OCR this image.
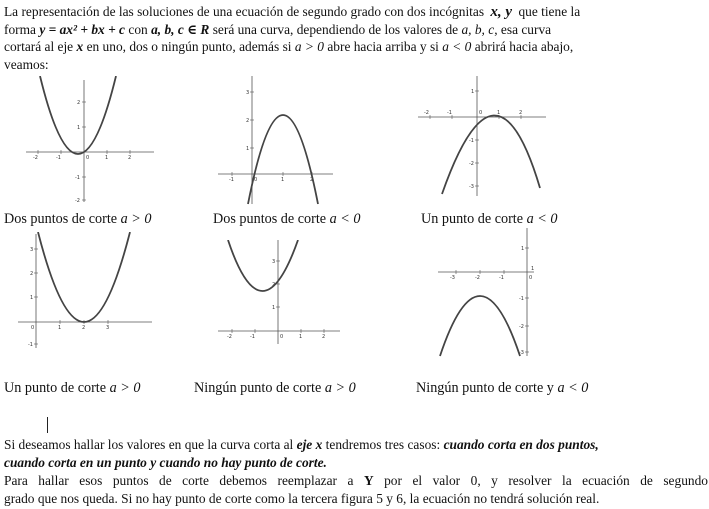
La representación de las soluciones de una ecuación de segundo grado con dos incógnitas x, y que tiene la
forma y = ax² + bx + c con a, b, c ∈ R será una curva, dependiendo de los valores de a, b, c, esa curva
cortará al eje x en uno, dos o ningún punto, además si a > 0 abre hacia arriba y si a < 0 abrirá hacia abajo,
veamos:
-2	-1	0	1	2
2
1
-1
-2
-1	0	1	2
3
2
1
-2	-1	0	1	2
1
-1
-2
-3
0	1	2	3
3
2
1
-1
-2	-1	0	1	2
3
2
1
-3	-2	-1	0
1
1
-1
-2
-3
Dos puntos de corte a > 0	Dos puntos de corte a < 0	Un punto de corte a < 0
Un punto de corte a > 0	Ningún punto de corte a > 0	Ningún punto de corte y a < 0
Si deseamos hallar los valores en que la curva corta al eje x tendremos tres casos: cuando corta en dos puntos,
cuando corta en un punto y cuando no hay punto de corte.
Para hallar esos puntos de corte debemos reemplazar a Y por el valor 0, y resolver la ecuación de segundo
grado que nos queda. Si no hay punto de corte como la tercera figura 5 y 6, la ecuación no tendrá solución real.
